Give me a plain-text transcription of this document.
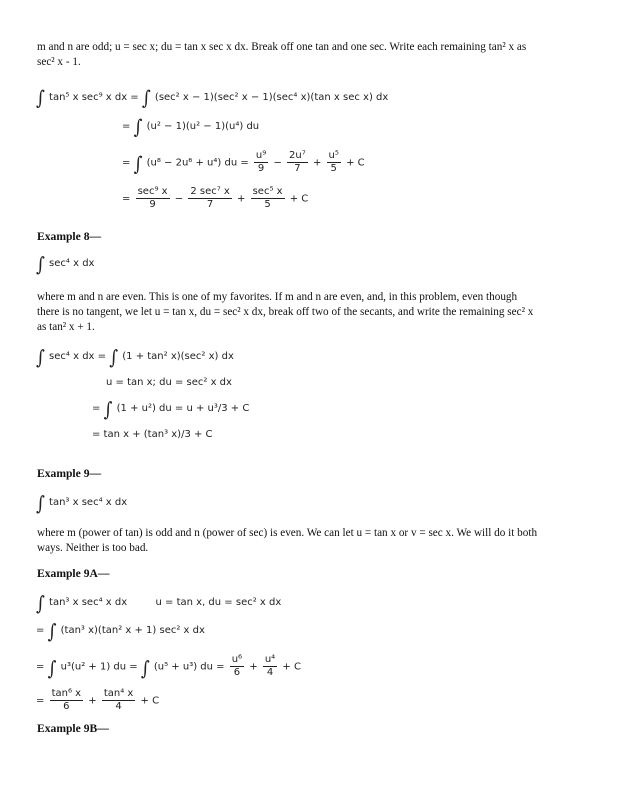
m and n are odd; u = sec x; du = tan x sec x dx. Break off one tan and one sec. Write each remaining tan² x as
sec² x - 1.
∫ tan⁵ x sec⁹ x dx = ∫ (sec² x − 1)(sec² x − 1)(sec⁴ x)(tan x sec x) dx
= ∫ (u² − 1)(u² − 1)(u⁴) du
= ∫ (u⁸ − 2u⁶ + u⁴) du = $\frac{\text{u⁹}}{9} - \frac{\text{2u⁷}}{7} + \frac{\text{u⁵}}{5} + C$
= $\frac{\text{sec⁹ x}}{9} - \frac{\text{2 sec⁷ x}}{7} + \frac{\text{sec⁵ x}}{5} + C$
Example 8—
∫ sec⁴ x dx
where m and n are even. This is one of my favorites. If m and n are even, and, in this problem, even though
there is no tangent, we let u = tan x, du = sec² x dx, break off two of the secants, and write the remaining sec² x
as tan² x + 1.
∫ sec⁴ x dx = ∫ (1 + tan² x)(sec² x) dx
u = tan x; du = sec² x dx
= ∫ (1 + u²) du = u + u³/3 + C
= tan x + (tan³ x)/3 + C
Example 9—
∫ tan³ x sec⁴ x dx
where m (power of tan) is odd and n (power of sec) is even. We can let u = tan x or v = sec x. We will do it both
ways. Neither is too bad.
Example 9A—
∫ tan³ x sec⁴ x dx	u = tan x, du = sec² x dx
= ∫ (tan³ x)(tan² x + 1) sec² x dx
= ∫ u³(u² + 1) du = ∫ (u⁵ + u³) du = $\frac{\text{u⁶}}{6} + \frac{\text{u⁴}}{4} + C$
= $\frac{\text{tan⁶ x}}{6} + \frac{\text{tan⁴ x}}{4} + C$
Example 9B—
